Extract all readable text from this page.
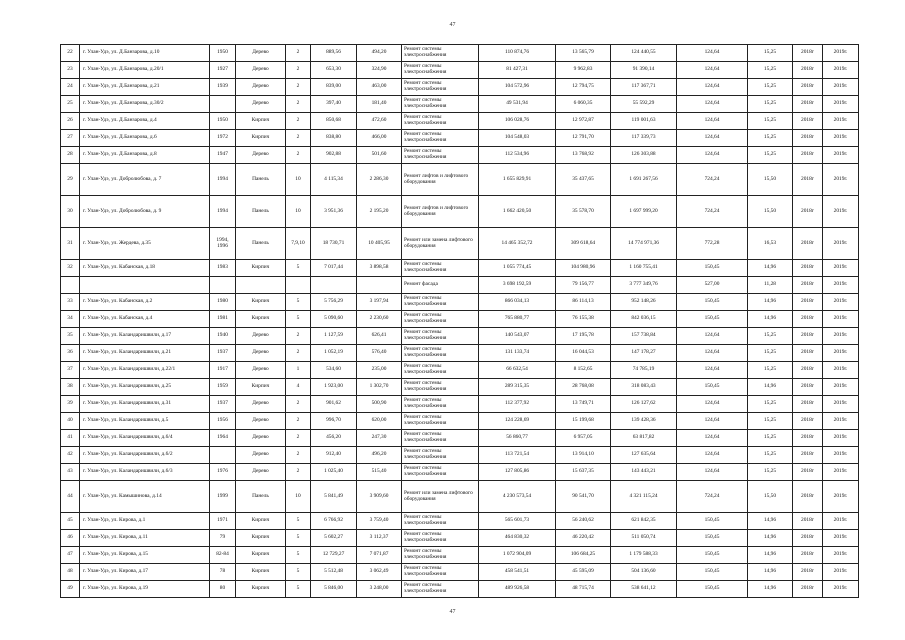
47
22	г. Улан-Удэ, ул. Д.Банзарова, д.10	1950	Дерево	2	889,56	494,20	Ремонт системы электроснабжения	110 874,76	13 565,79	124 440,55	124,64	15,25	2018г	2019г.
23	г. Улан-Удэ, ул. Д.Банзарова, д.20/1	1927	Дерево	2	653,30	324,90	Ремонт системы электроснабжения	81 427,31	9 962,83	91 390,14	124,64	15,25	2018г	2019г.
24	г. Улан-Удэ, ул. Д.Банзарова, д.21	1939	Дерево	2	839,00	463,00	Ремонт системы электроснабжения	104 572,96	12 794,75	117 367,71	124,64	15,25	2018г	2019г.
25	г. Улан-Удэ, ул. Д.Банзарова, д.30/2		Дерево	2	397,40	181,40	Ремонт системы электроснабжения	49 531,94	6 060,35	55 592,29	124,64	15,25	2018г	2019г.
26	г. Улан-Удэ, ул. Д.Банзарова, д.4	1950	Кирпич	2	850,68	472,60	Ремонт системы электроснабжения	106 028,76	12 972,87	119 001,63	124,64	15,25	2018г	2019г.
27	г. Улан-Удэ, ул. Д.Банзарова, д.6	1972	Кирпич	2	838,80	466,00	Ремонт системы электроснабжения	104 548,03	12 791,70	117 339,73	124,64	15,25	2018г	2019г.
28	г. Улан-Удэ, ул. Д.Банзарова, д.8	1947	Дерево	2	902,88	501,60	Ремонт системы электроснабжения	112 534,96	13 768,92	126 303,88	124,64	15,25	2018г	2019г.
29	г. Улан-Удэ, ул. Добролюбова, д. 7	1994	Панель	10	4 115,34	2 286,30	Ремонт лифтов и лифтового оборудования	1 655 829,91	35 437,65	1 691 267,56	724,24	15,50	2018г	2019г.
30	г. Улан-Удэ, ул. Добролюбова, д. 9	1994	Панель	10	3 951,36	2 195,20	Ремонт лифтов и лифтового оборудования	1 662 420,50	35 578,70	1 697 999,20	724,24	15,50	2018г	2019г.
31	г. Улан-Удэ, ул. Жердева, д.35	1994, 1996	Панель	7,9,10	18 730,71	10 405,95	Ремонт или замена лифтового оборудования	14 465 352,72	309 618,64	14 774 971,36	772,28	16,53	2018г	2019г.
32	г. Улан-Удэ, ул. Кабанская, д.18	1983	Кирпич	5	7 017,44	3 898,58	Ремонт системы электроснабжения	1 055 774,45	104 980,96	1 160 755,41	150,45	14,96	2018г	2019г.
							Ремонт фасада	3 698 192,59	79 156,77	3 777 349,76	527,00	11,28	2018г	2019г.
33	г. Улан-Удэ, ул. Кабанская, д.2	1980	Кирпич	5	5 756,29	3 197,94	Ремонт системы электроснабжения	866 034,13	86 114,13	952 148,26	150,45	14,96	2018г	2019г.
34	г. Улан-Удэ, ул. Кабанская, д.4	1981	Кирпич	5	5 090,60	2 230,60	Ремонт системы электроснабжения	765 880,77	76 155,38	842 036,15	150,45	14,96	2018г	2019г.
35	г. Улан-Удэ, ул. Каландаришвили, д.17	1940	Дерево	2	1 127,59	626,41	Ремонт системы электроснабжения	140 543,07	17 195,78	157 738,84	124,64	15,25	2018г	2019г.
36	г. Улан-Удэ, ул. Каландаришвили, д.21	1937	Дерево	2	1 052,19	576,40	Ремонт системы электроснабжения	131 133,74	16 044,53	147 178,27	124,64	15,25	2018г	2019г.
37	г. Улан-Удэ, ул. Каландаришвили, д.22/1	1917	Дерево	1	534,60	235,00	Ремонт системы электроснабжения	66 632,54	8 152,65	74 785,19	124,64	15,25	2018г	2019г.
38	г. Улан-Удэ, ул. Каландаришвили, д.25	1959	Кирпич	4	1 923,00	1 302,70	Ремонт системы электроснабжения	289 315,35	28 768,08	318 083,43	150,45	14,96	2018г	2019г.
39	г. Улан-Удэ, ул. Каландаришвили, д.31	1937	Дерево	2	901,62	500,90	Ремонт системы электроснабжения	112 377,92	13 749,71	126 127,62	124,64	15,25	2018г	2019г.
40	г. Улан-Удэ, ул. Каландаришвили, д.5	1956	Дерево	2	996,70	620,00	Ремонт системы электроснабжения	124 228,69	15 199,68	139 428,36	124,64	15,25	2018г	2019г.
41	г. Улан-Удэ, ул. Каландаришвили, д.6/4	1964	Дерево	2	456,20	247,30	Ремонт системы электроснабжения	56 860,77	6 957,05	63 817,82	124,64	15,25	2018г	2019г.
42	г. Улан-Удэ, ул. Каландаришвили, д.6/2		Дерево	2	912,40	496,20	Ремонт системы электроснабжения	113 721,54	13 914,10	127 635,64	124,64	15,25	2018г	2019г.
43	г. Улан-Удэ, ул. Каландаришвили, д.6/3	1976	Дерево	2	1 025,40	515,40	Ремонт системы электроснабжения	127 805,86	15 637,35	143 443,21	124,64	15,25	2018г	2019г.
44	г. Улан-Удэ, ул. Камышинова, д.14	1999	Панель	10	5 841,49	3 909,60	Ремонт или замена лифтового оборудования	4 230 573,54	90 541,70	4 321 115,24	724,24	15,50	2018г	2019г.
45	г. Улан-Удэ, ул. Кирова, д.1	1971	Кирпич	5	6 766,92	3 759,40	Ремонт системы электроснабжения	565 601,73	56 240,62	621 842,35	150,45	14,96	2018г	2019г.
46	г. Улан-Удэ, ул. Кирова, д.11	79	Кирпич	5	5 602,27	3 112,37	Ремонт системы электроснабжения	464 830,32	46 220,42	511 050,74	150,45	14,96	2018г	2019г.
47	г. Улан-Удэ, ул. Кирова, д.15	82-84	Кирпич	5	12 729,27	7 071,87	Ремонт системы электроснабжения	1 072 904,09	106 684,25	1 179 588,33	150,45	14,96	2018г	2019г.
48	г. Улан-Удэ, ул. Кирова, д.17	78	Кирпич	5	5 512,48	3 062,49	Ремонт системы электроснабжения	458 541,51	45 595,09	504 136,60	150,45	14,96	2018г	2019г.
49	г. Улан-Удэ, ул. Кирова, д.19	80	Кирпич	5	5 846,00	3 248,00	Ремонт системы электроснабжения	489 926,58	48 715,74	538 641,12	150,45	14,96	2018г	2019г.
47
